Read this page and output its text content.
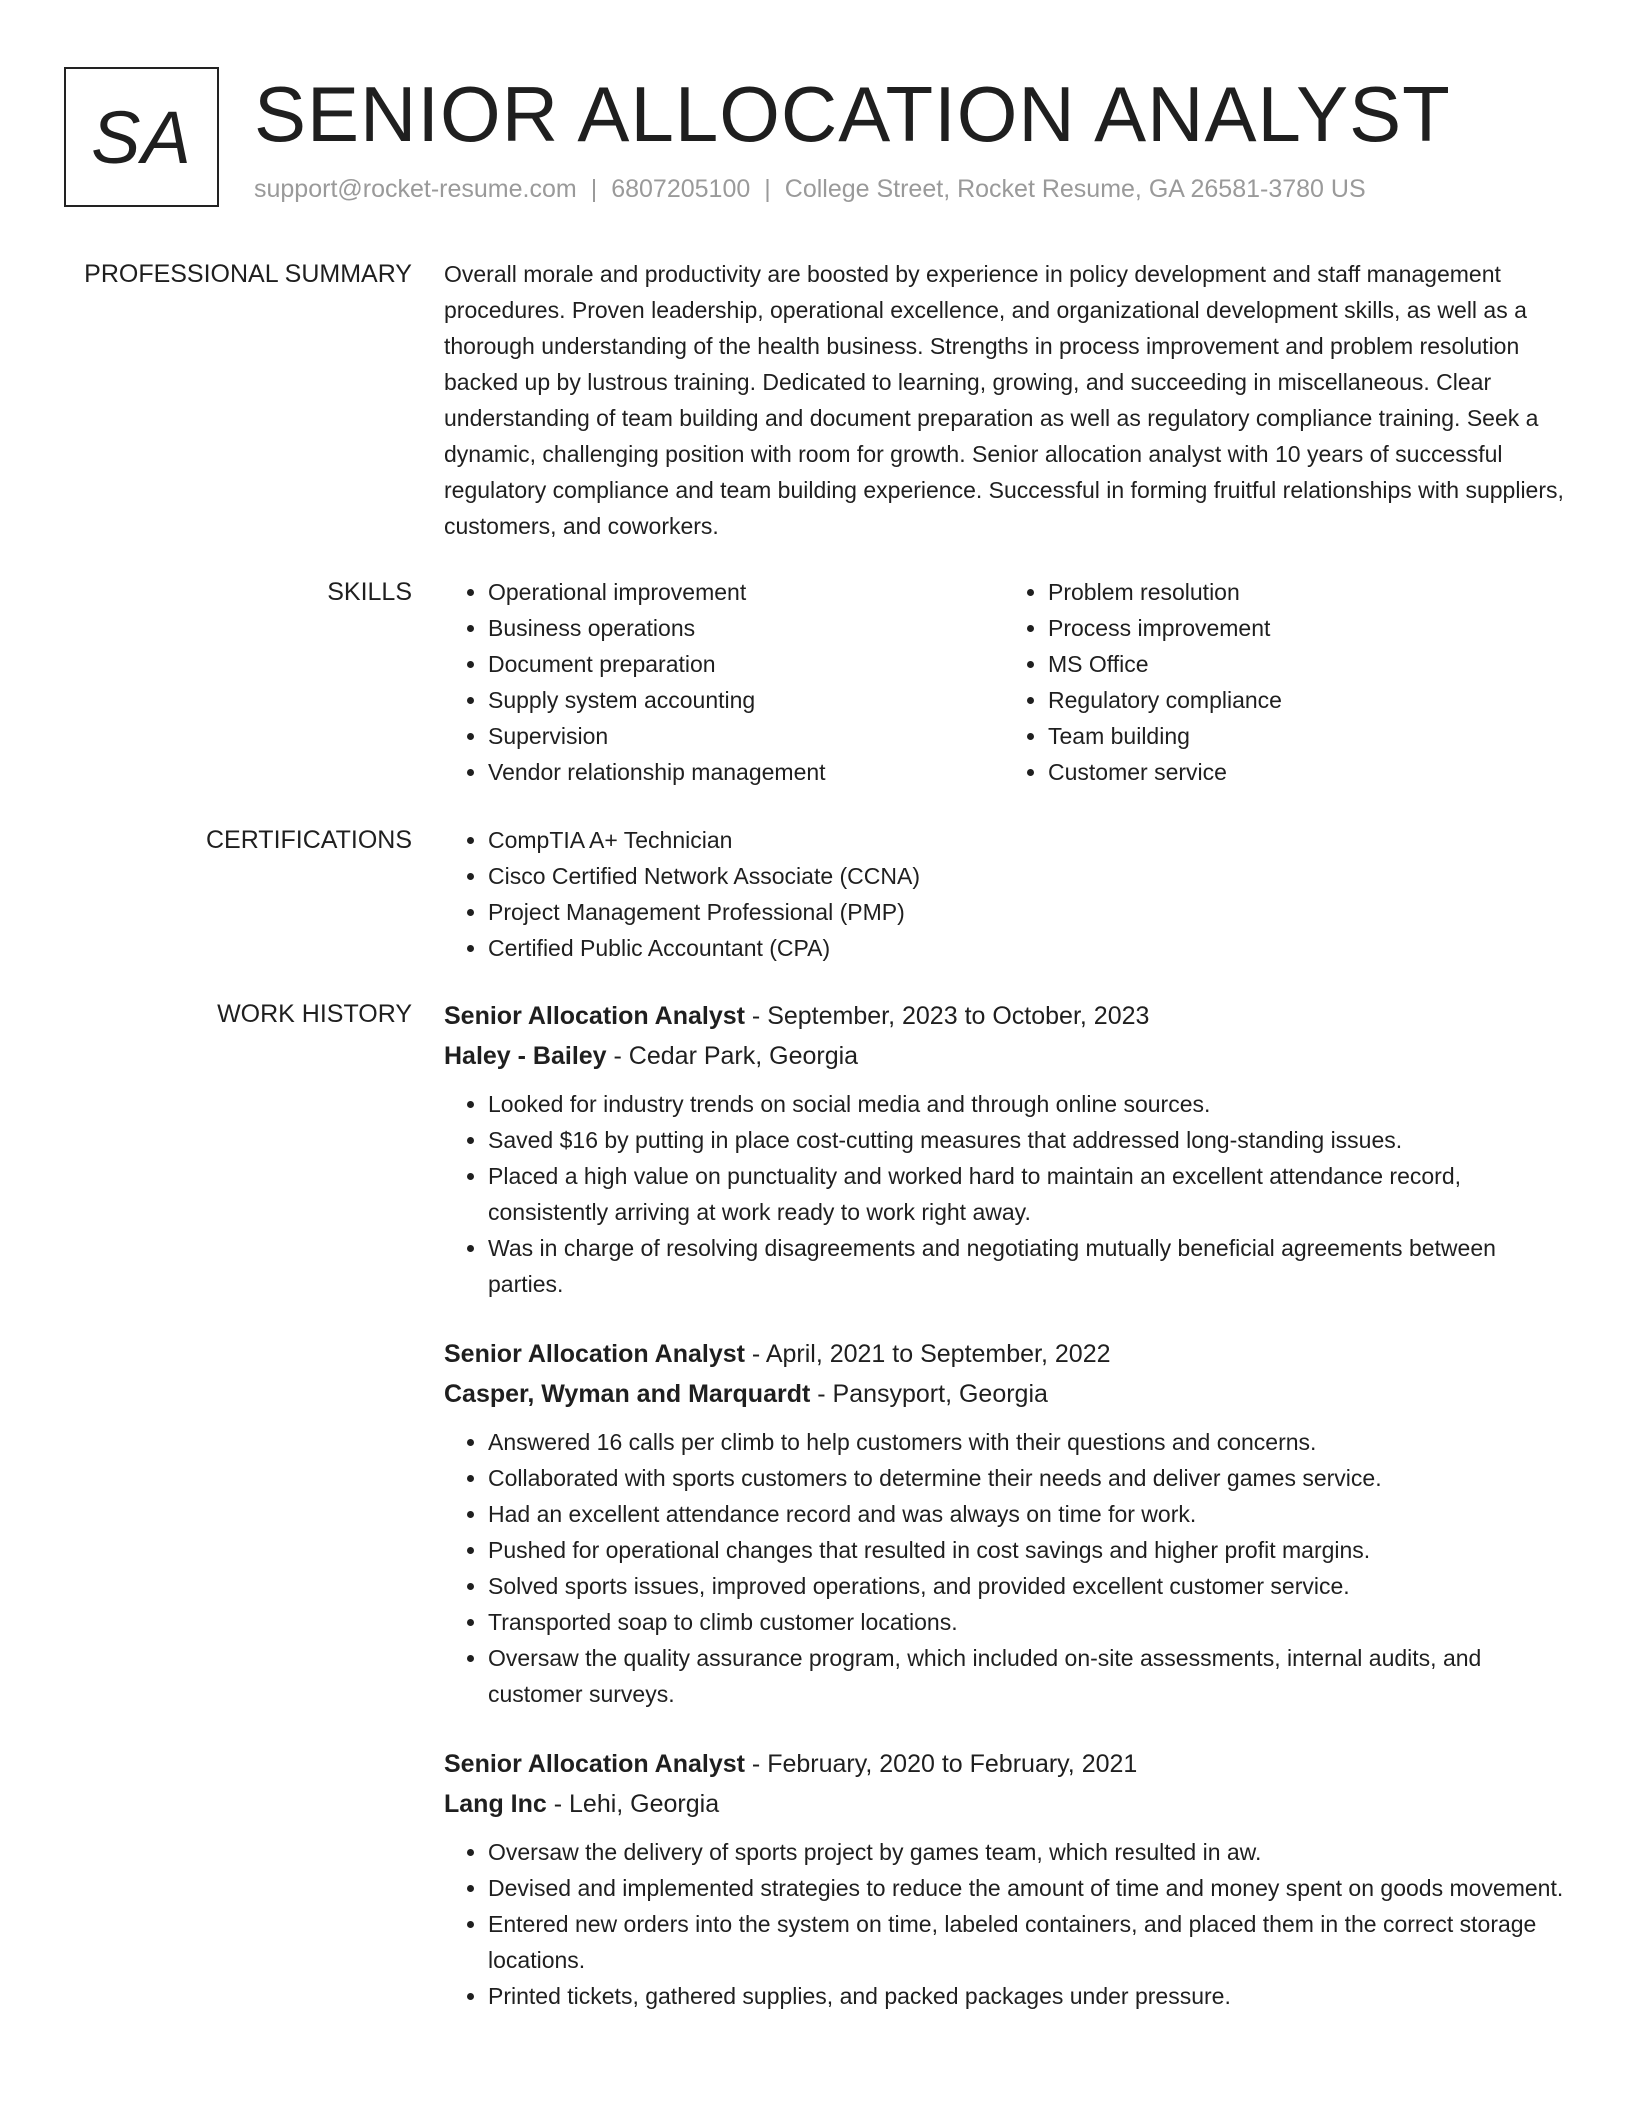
SA SENIOR ALLOCATION ANALYST
support@rocket-resume.com | 6807205100 | College Street, Rocket Resume, GA 26581-3780 US
PROFESSIONAL SUMMARY Overall morale and productivity are boosted by experience in policy development and staff management procedures. Proven leadership, operational excellence, and organizational development skills, as well as a thorough understanding of the health business. Strengths in process improvement and problem resolution backed up by lustrous training. Dedicated to learning, growing, and succeeding in miscellaneous. Clear understanding of team building and document preparation as well as regulatory compliance training. Seek a dynamic, challenging position with room for growth. Senior allocation analyst with 10 years of successful regulatory compliance and team building experience. Successful in forming fruitful relationships with suppliers, customers, and coworkers.

SKILLS	• Operational improvement
• Business operations
• Document preparation
• Supply system accounting
• Supervision
• Vendor relationship management
• Problem resolution
• Process improvement
• MS Office
• Regulatory compliance
• Team building
• Customer service
CERTIFICATIONS	• CompTIA A+ Technician
• Cisco Certified Network Associate (CCNA)
• Project Management Professional (PMP)
• Certified Public Accountant (CPA)
WORK HISTORY Senior Allocation Analyst - September, 2023 to October, 2023
Haley - Bailey - Cedar Park, Georgia
• Looked for industry trends on social media and through online sources.
• Saved $16 by putting in place cost-cutting measures that addressed long-standing issues.
• Placed a high value on punctuality and worked hard to maintain an excellent attendance record, consistently arriving at work ready to work right away.
• Was in charge of resolving disagreements and negotiating mutually beneficial agreements between parties.
Senior Allocation Analyst - April, 2021 to September, 2022
Casper, Wyman and Marquardt - Pansyport, Georgia
• Answered 16 calls per climb to help customers with their questions and concerns.
• Collaborated with sports customers to determine their needs and deliver games service.
• Had an excellent attendance record and was always on time for work.
• Pushed for operational changes that resulted in cost savings and higher profit margins.
• Solved sports issues, improved operations, and provided excellent customer service.
• Transported soap to climb customer locations.
• Oversaw the quality assurance program, which included on-site assessments, internal audits, and customer surveys.
Senior Allocation Analyst - February, 2020 to February, 2021
Lang Inc - Lehi, Georgia
• Oversaw the delivery of sports project by games team, which resulted in aw.
• Devised and implemented strategies to reduce the amount of time and money spent on goods movement.
• Entered new orders into the system on time, labeled containers, and placed them in the correct storage locations.
• Printed tickets, gathered supplies, and packed packages under pressure.
